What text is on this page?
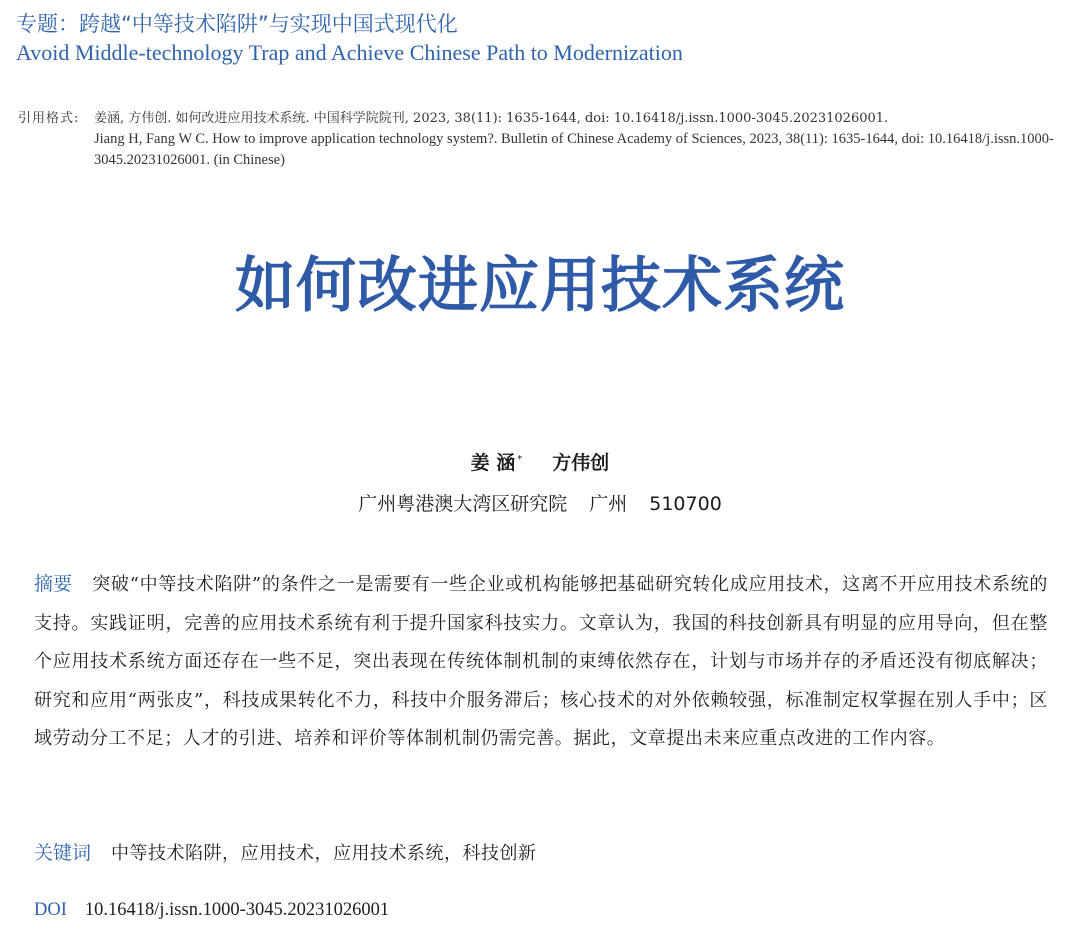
专题：跨越“中等技术陷阱”与实现中国式现代化
Avoid Middle-technology Trap and Achieve Chinese Path to Modernization
引用格式: 姜涵, 方伟创. 如何改进应用技术系统. 中国科学院院刊, 2023, 38(11): 1635-1644, doi: 10.16418/j.issn.1000-3045.20231026001.
Jiang H, Fang W C. How to improve application technology system?. Bulletin of Chinese Academy of Sciences, 2023, 38(11): 1635-1644, doi: 10.16418/j.issn.1000-3045.20231026001. (in Chinese)
如何改进应用技术系统
姜 涵 * 方伟创
广州粤港澳大湾区研究院 广州 510700
摘要 突破“中等技术陷阱”的条件之一是需要有一些企业或机构能够把基础研究转化成应用技术，这离不开应用技术系统的支持。实践证明，完善的应用技术系统有利于提升国家科技实力。文章认为，我国的科技创新具有明显的应用导向，但在整个应用技术系统方面还存在一些不足，突出表现在传统体制机制的束缚依然存在，计划与市场并存的矛盾还没有彻底解决；研究和应用“两张皮”，科技成果转化不力，科技中介服务滞后；核心技术的对外依赖较强，标准制定权掌握在别人手中；区域劳动分工不足；人才的引进、培养和评价等体制机制仍需完善。据此，文章提出未来应重点改进的工作内容。
关键词 中等技术陷阱，应用技术，应用技术系统，科技创新
DOI 10.16418/j.issn.1000-3045.20231026001
